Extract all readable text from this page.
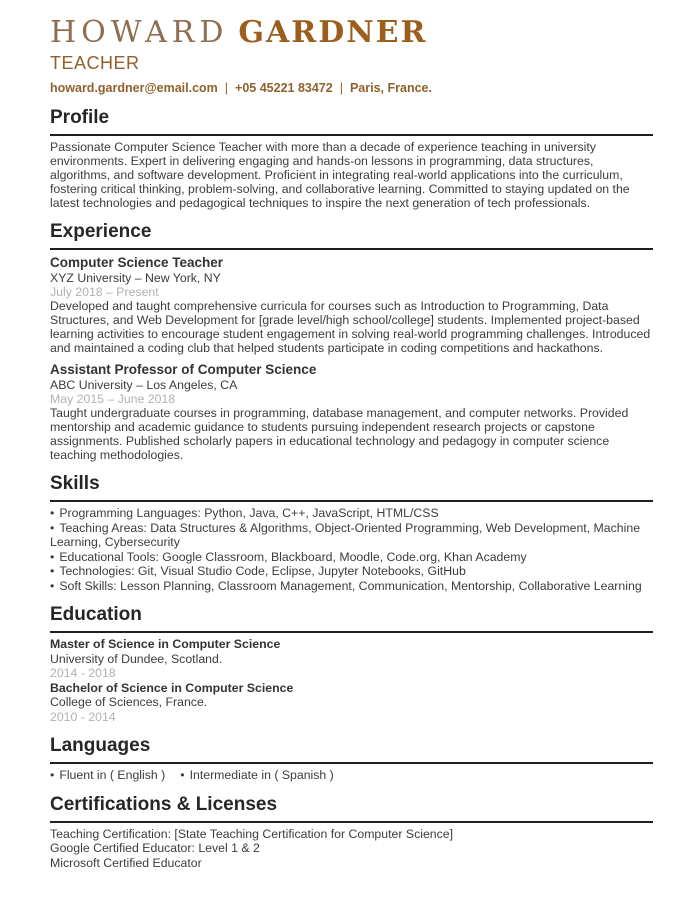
HOWARD GARDNER
TEACHER
howard.gardner@email.com | +05 45221 83472 | Paris, France.
Profile

Passionate Computer Science Teacher with more than a decade of experience teaching in university environments. Expert in delivering engaging and hands-on lessons in programming, data structures, algorithms, and software development. Proficient in integrating real-world applications into the curriculum, fostering critical thinking, problem-solving, and collaborative learning. Committed to staying updated on the latest technologies and pedagogical techniques to inspire the next generation of tech professionals.

Experience
Computer Science Teacher
XYZ University – New York, NY
July 2018 – Present

Developed and taught comprehensive curricula for courses such as Introduction to Programming, Data Structures, and Web Development for [grade level/high school/college] students. Implemented project-based learning activities to encourage student engagement in solving real-world programming challenges. Introduced and maintained a coding club that helped students participate in coding competitions and hackathons.

Assistant Professor of Computer Science
ABC University – Los Angeles, CA
May 2015 – June 2018

Taught undergraduate courses in programming, database management, and computer networks. Provided mentorship and academic guidance to students pursuing independent research projects or capstone assignments. Published scholarly papers in educational technology and pedagogy in computer science teaching methodologies.

Skills
• Programming Languages: Python, Java, C++, JavaScript, HTML/CSS
• Teaching Areas: Data Structures & Algorithms, Object-Oriented Programming, Web Development, Machine Learning, Cybersecurity
• Educational Tools: Google Classroom, Blackboard, Moodle, Code.org, Khan Academy
• Technologies: Git, Visual Studio Code, Eclipse, Jupyter Notebooks, GitHub
• Soft Skills: Lesson Planning, Classroom Management, Communication, Mentorship, Collaborative Learning
Education
Master of Science in Computer Science
University of Dundee, Scotland.
2014 - 2018
Bachelor of Science in Computer Science
College of Sciences, France.
2010 - 2014
Languages
• Fluent in ( English ) • Intermediate in ( Spanish )
Certifications & Licenses
Teaching Certification: [State Teaching Certification for Computer Science]
Google Certified Educator: Level 1 & 2
Microsoft Certified Educator
